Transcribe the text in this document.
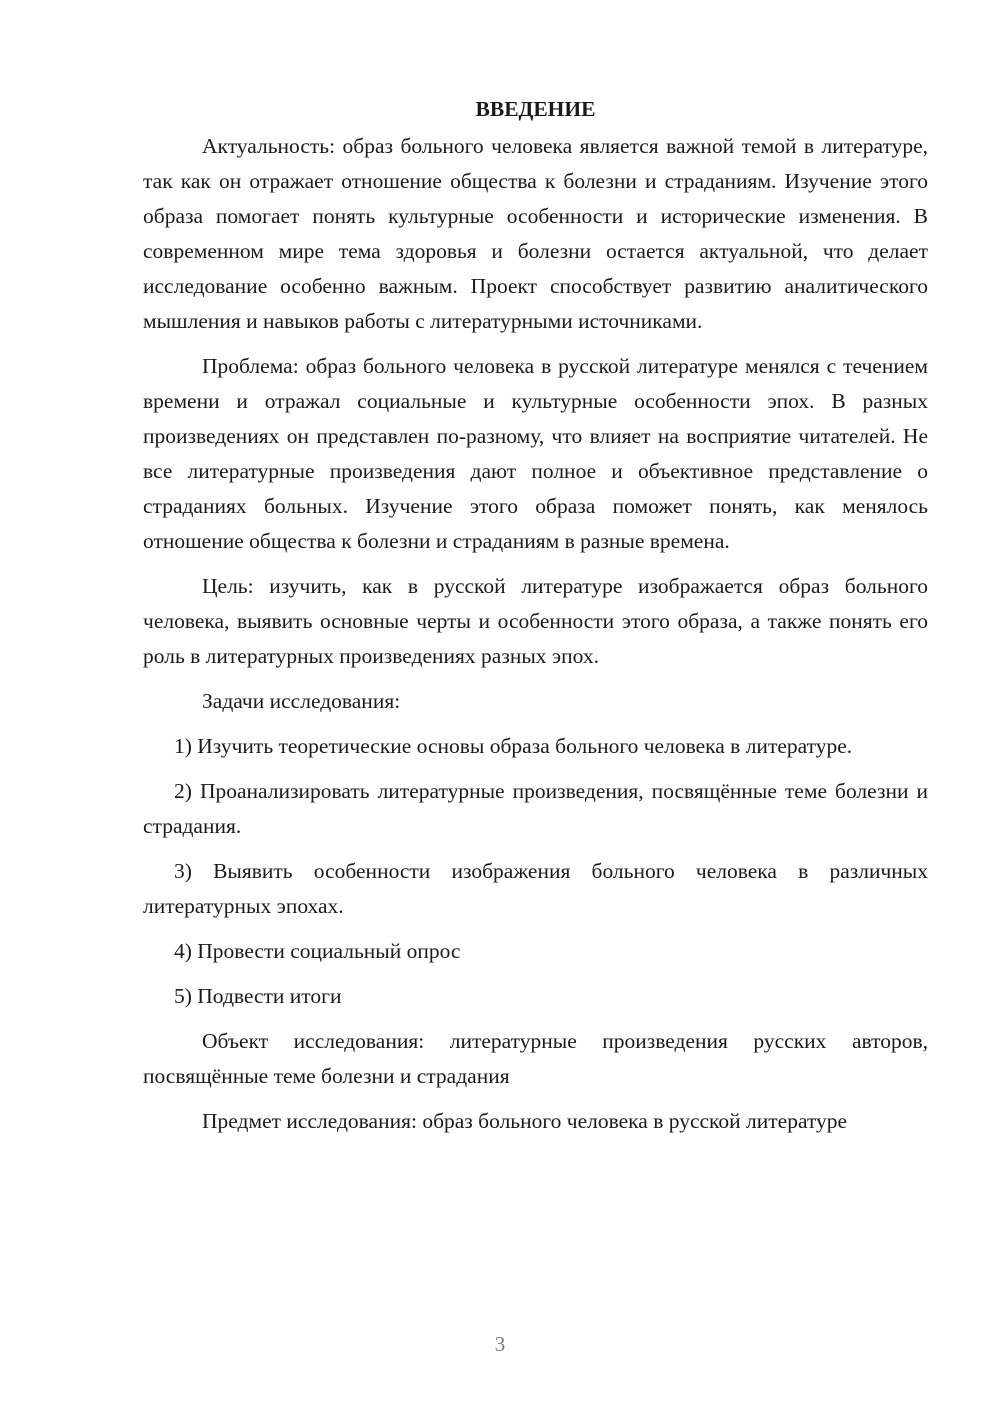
ВВЕДЕНИЕ

Актуальность: образ больного человека является важной темой в литературе, так как он отражает отношение общества к болезни и страданиям. Изучение этого образа помогает понять культурные особенности и исторические изменения. В современном мире тема здоровья и болезни остается актуальной, что делает исследование особенно важным. Проект способствует развитию аналитического мышления и навыков работы с литературными источниками.

Проблема: образ больного человека в русской литературе менялся с течением времени и отражал социальные и культурные особенности эпох. В разных произведениях он представлен по-разному, что влияет на восприятие читателей. Не все литературные произведения дают полное и объективное представление о страданиях больных. Изучение этого образа поможет понять, как менялось отношение общества к болезни и страданиям в разные времена.

Цель: изучить, как в русской литературе изображается образ больного человека, выявить основные черты и особенности этого образа, а также понять его роль в литературных произведениях разных эпох.

Задачи исследования:

1) Изучить теоретические основы образа больного человека в литературе.

2) Проанализировать литературные произведения, посвящённые теме болезни и страдания.

3) Выявить особенности изображения больного человека в различных литературных эпохах.

4) Провести социальный опрос

5) Подвести итоги

Объект исследования: литературные произведения русских авторов, посвящённые теме болезни и страдания

Предмет исследования: образ больного человека в русской литературе

3
